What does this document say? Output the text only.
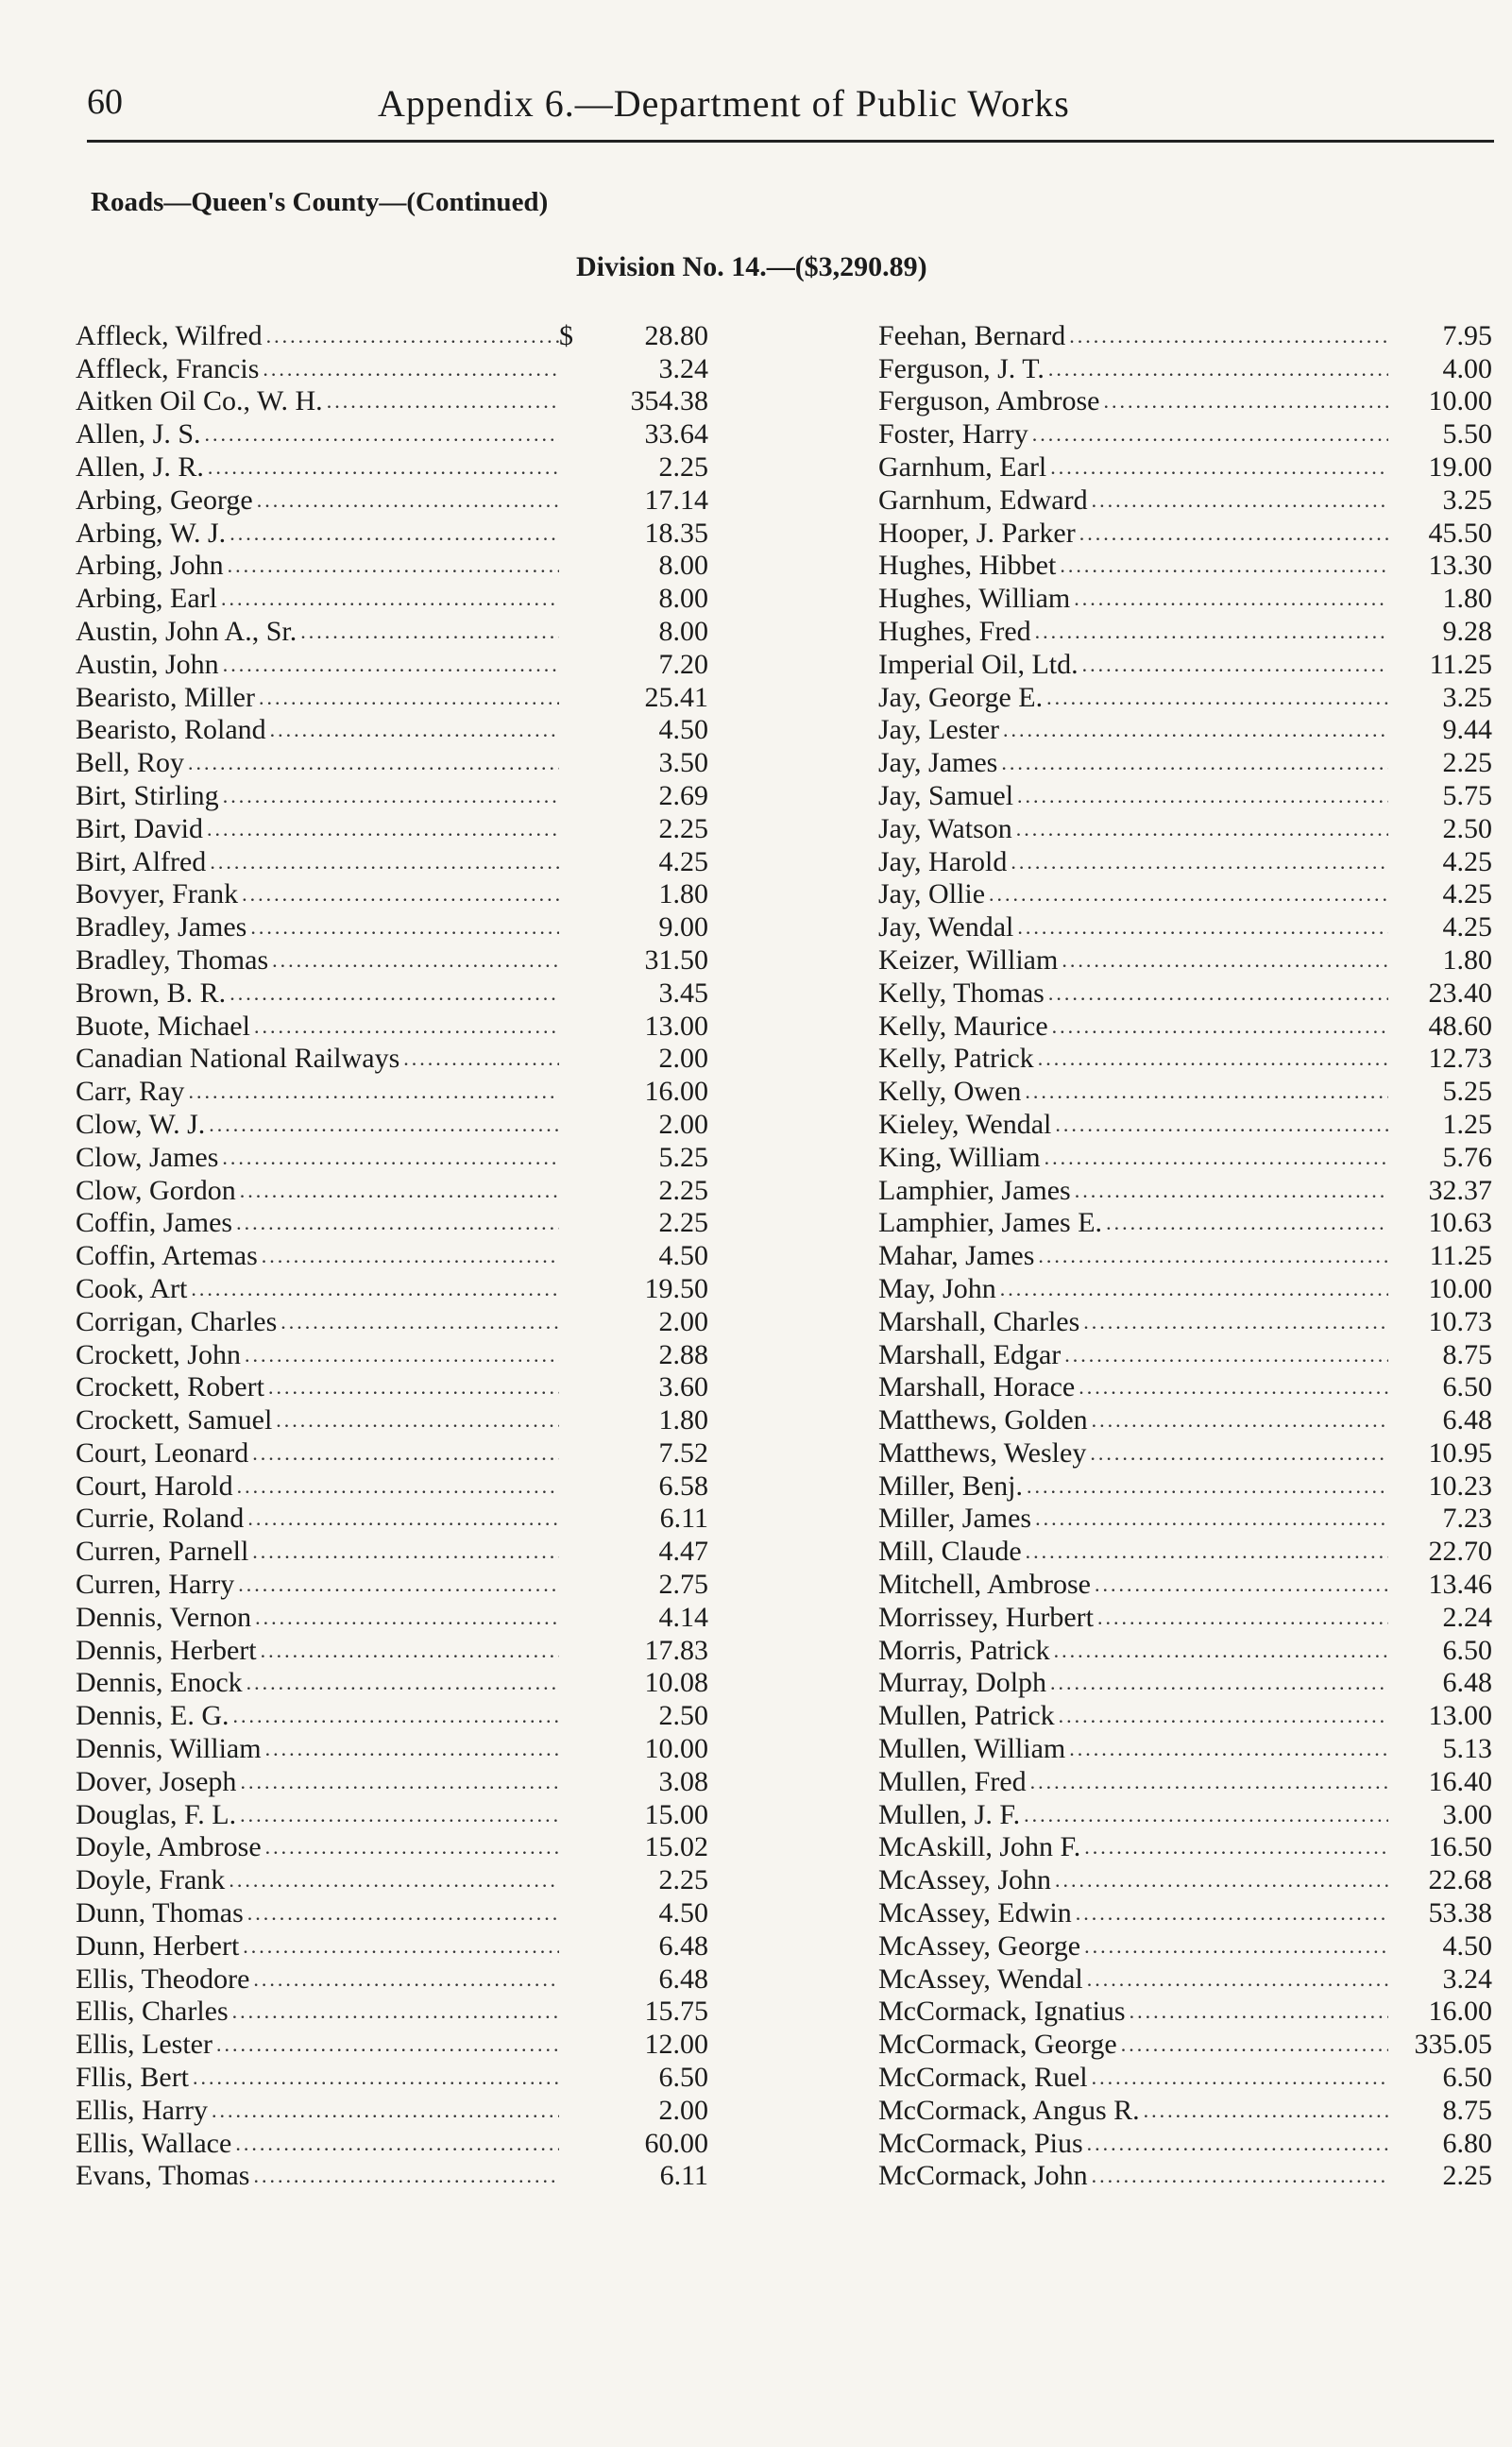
60	Appendix 6.—Department of Public Works
Roads—Queen's County—(Continued)
Division No. 14.—($3,290.89)
Affleck, Wilfred .....	$	28.80
Affleck, Francis .....	3.24
Aitken Oil Co., W. H. .....	354.38
Allen, J. S. .....	33.64
Allen, J. R. .....	2.25
Arbing, George .....	17.14
Arbing, W. J. .....	18.35
Arbing, John .....	8.00
Arbing, Earl .....	8.00
Austin, John A., Sr. .....	8.00
Austin, John .....	7.20
Bearisto, Miller .....	25.41
Bearisto, Roland .....	4.50
Bell, Roy .....	3.50
Birt, Stirling .....	2.69
Birt, David .....	2.25
Birt, Alfred .....	4.25
Bovyer, Frank .....	1.80
Bradley, James .....	9.00
Bradley, Thomas .....	31.50
Brown, B. R. .....	3.45
Buote, Michael .....	13.00
Canadian National Railways .....	2.00
Carr, Ray .....	16.00
Clow, W. J. .....	2.00
Clow, James .....	5.25
Clow, Gordon .....	2.25
Coffin, James .....	2.25
Coffin, Artemas .....	4.50
Cook, Art .....	19.50
Corrigan, Charles .....	2.00
Crockett, John .....	2.88
Crockett, Robert .....	3.60
Crockett, Samuel .....	1.80
Court, Leonard .....	7.52
Court, Harold .....	6.58
Currie, Roland .....	6.11
Curren, Parnell .....	4.47
Curren, Harry .....	2.75
Dennis, Vernon .....	4.14
Dennis, Herbert .....	17.83
Dennis, Enock .....	10.08
Dennis, E. G. .....	2.50
Dennis, William .....	10.00
Dover, Joseph .....	3.08
Douglas, F. L. .....	15.00
Doyle, Ambrose .....	15.02
Doyle, Frank .....	2.25
Dunn, Thomas .....	4.50
Dunn, Herbert .....	6.48
Ellis, Theodore .....	6.48
Ellis, Charles .....	15.75
Ellis, Lester .....	12.00
Fllis, Bert .....	6.50
Ellis, Harry .....	2.00
Ellis, Wallace .....	60.00
Evans, Thomas .....	6.11
Feehan, Bernard .....	7.95
Ferguson, J. T. .....	4.00
Ferguson, Ambrose .....	10.00
Foster, Harry .....	5.50
Garnhum, Earl .....	19.00
Garnhum, Edward .....	3.25
Hooper, J. Parker .....	45.50
Hughes, Hibbet .....	13.30
Hughes, William .....	1.80
Hughes, Fred .....	9.28
Imperial Oil, Ltd. .....	11.25
Jay, George E. .....	3.25
Jay, Lester .....	9.44
Jay, James .....	2.25
Jay, Samuel .....	5.75
Jay, Watson .....	2.50
Jay, Harold .....	4.25
Jay, Ollie .....	4.25
Jay, Wendal .....	4.25
Keizer, William .....	1.80
Kelly, Thomas .....	23.40
Kelly, Maurice .....	48.60
Kelly, Patrick .....	12.73
Kelly, Owen .....	5.25
Kieley, Wendal .....	1.25
King, William .....	5.76
Lamphier, James .....	32.37
Lamphier, James E. .....	10.63
Mahar, James .....	11.25
May, John .....	10.00
Marshall, Charles .....	10.73
Marshall, Edgar .....	8.75
Marshall, Horace .....	6.50
Matthews, Golden .....	6.48
Matthews, Wesley .....	10.95
Miller, Benj. .....	10.23
Miller, James .....	7.23
Mill, Claude .....	22.70
Mitchell, Ambrose .....	13.46
Morrissey, Hurbert .....	2.24
Morris, Patrick .....	6.50
Murray, Dolph .....	6.48
Mullen, Patrick .....	13.00
Mullen, William .....	5.13
Mullen, Fred .....	16.40
Mullen, J. F. .....	3.00
McAskill, John F. .....	16.50
McAssey, John .....	22.68
McAssey, Edwin .....	53.38
McAssey, George .....	4.50
McAssey, Wendal .....	3.24
McCormack, Ignatius .....	16.00
McCormack, George .....	335.05
McCormack, Ruel .....	6.50
McCormack, Angus R. .....	8.75
McCormack, Pius .....	6.80
McCormack, John .....	2.25
